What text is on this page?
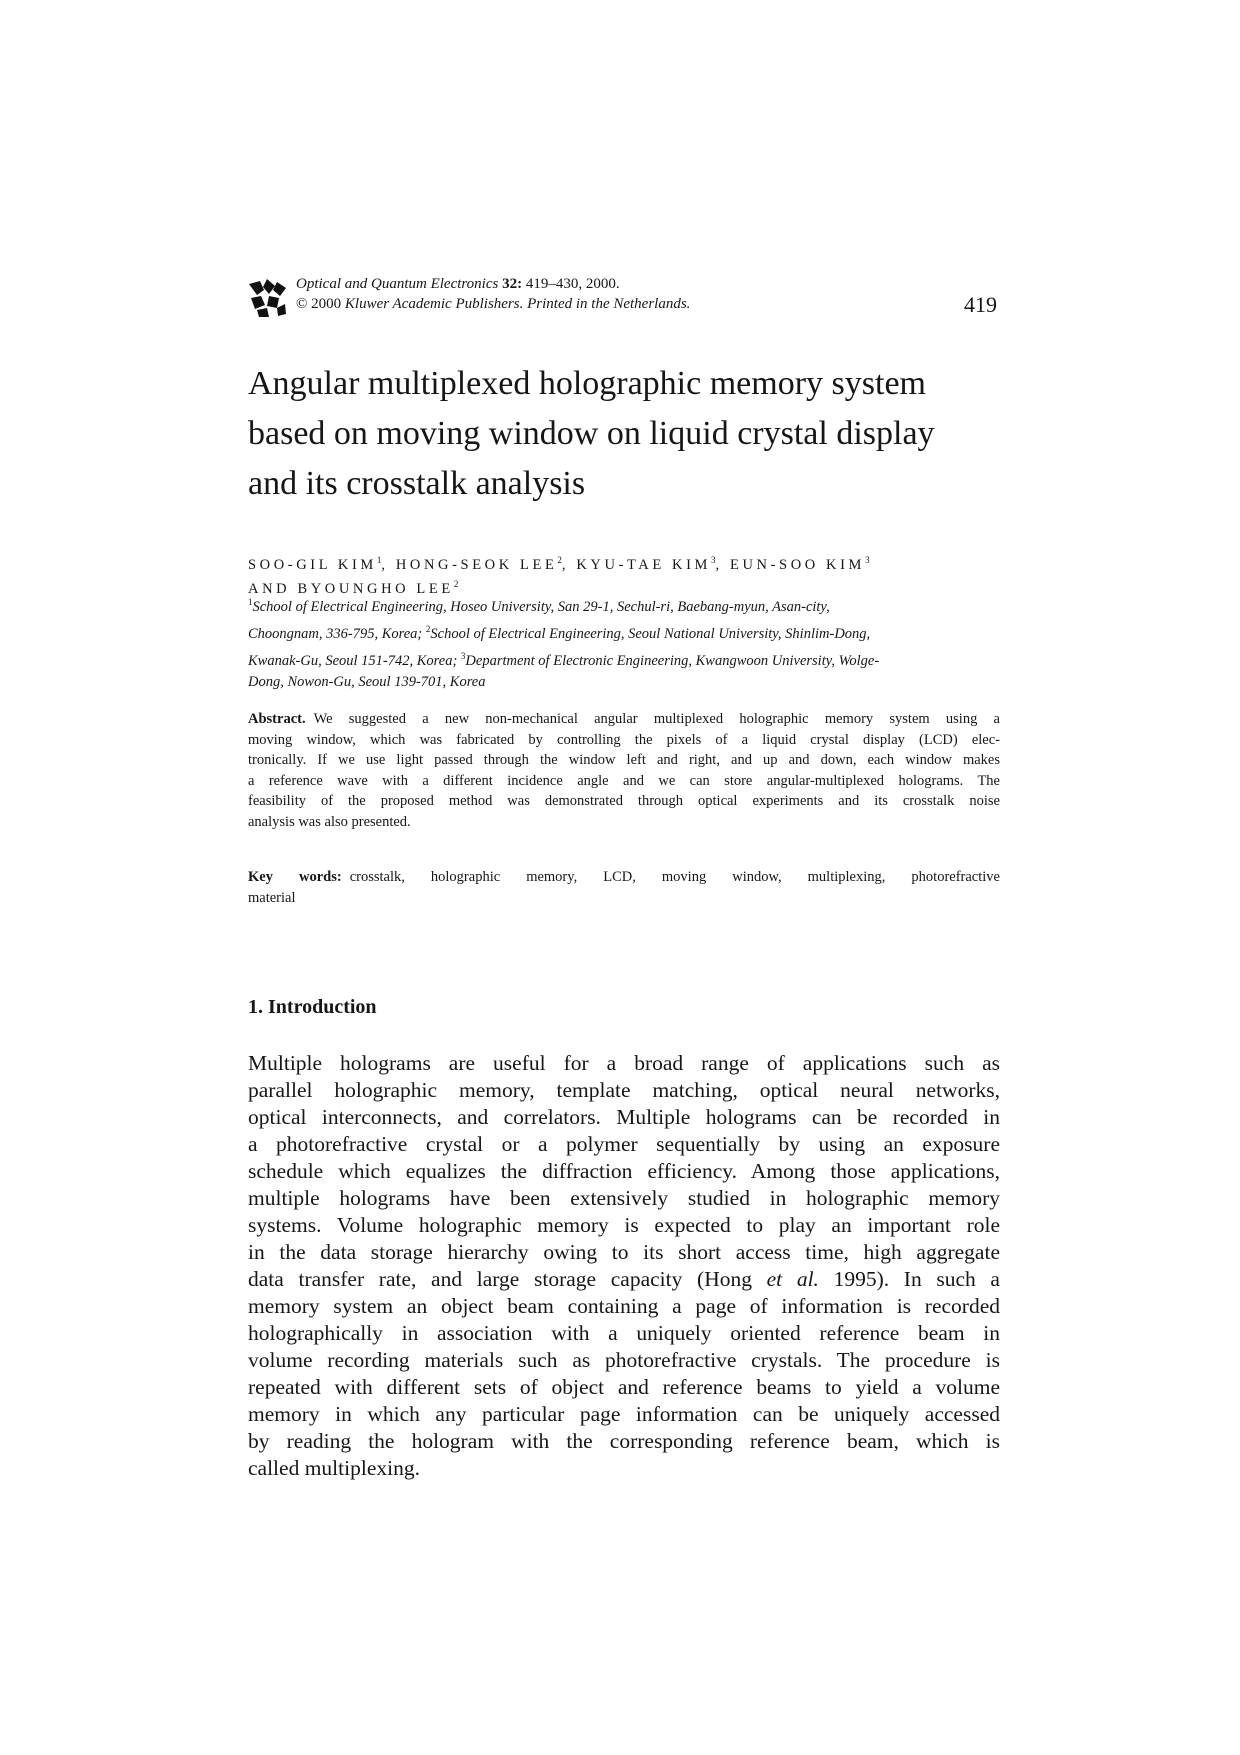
Optical and Quantum Electronics 32: 419–430, 2000.
© 2000 Kluwer Academic Publishers. Printed in the Netherlands.	419
Angular multiplexed holographic memory system
based on moving window on liquid crystal display
and its crosstalk analysis
SOO-GIL KIM$^1$, HONG-SEOK LEE$^2$, KYU-TAE KIM$^3$, EUN-SOO KIM$^3$
AND BYOUNGHO LEE$^2$
$^1$School of Electrical Engineering, Hoseo University, San 29-1, Sechul-ri, Baebang-myun, Asan-city,
Choongnam, 336-795, Korea; $^2$School of Electrical Engineering, Seoul National University, Shinlim-Dong,
Kwanak-Gu, Seoul 151-742, Korea; $^3$Department of Electronic Engineering, Kwangwoon University, Wolge-
Dong, Nowon-Gu, Seoul 139-701, Korea
Abstract. We suggested a new non-mechanical angular multiplexed holographic memory system using a
moving window, which was fabricated by controlling the pixels of a liquid crystal display (LCD) elec-
tronically. If we use light passed through the window left and right, and up and down, each window makes
a reference wave with a different incidence angle and we can store angular-multiplexed holograms. The
feasibility of the proposed method was demonstrated through optical experiments and its crosstalk noise
analysis was also presented.
Key words: crosstalk, holographic memory, LCD, moving window, multiplexing, photorefractive
material
1. Introduction
Multiple holograms are useful for a broad range of applications such as
parallel holographic memory, template matching, optical neural networks,
optical interconnects, and correlators. Multiple holograms can be recorded in
a photorefractive crystal or a polymer sequentially by using an exposure
schedule which equalizes the diffraction efficiency. Among those applications,
multiple holograms have been extensively studied in holographic memory
systems. Volume holographic memory is expected to play an important role
in the data storage hierarchy owing to its short access time, high aggregate
data transfer rate, and large storage capacity (Hong et al. 1995). In such a
memory system an object beam containing a page of information is recorded
holographically in association with a uniquely oriented reference beam in
volume recording materials such as photorefractive crystals. The procedure is
repeated with different sets of object and reference beams to yield a volume
memory in which any particular page information can be uniquely accessed
by reading the hologram with the corresponding reference beam, which is
called multiplexing.
